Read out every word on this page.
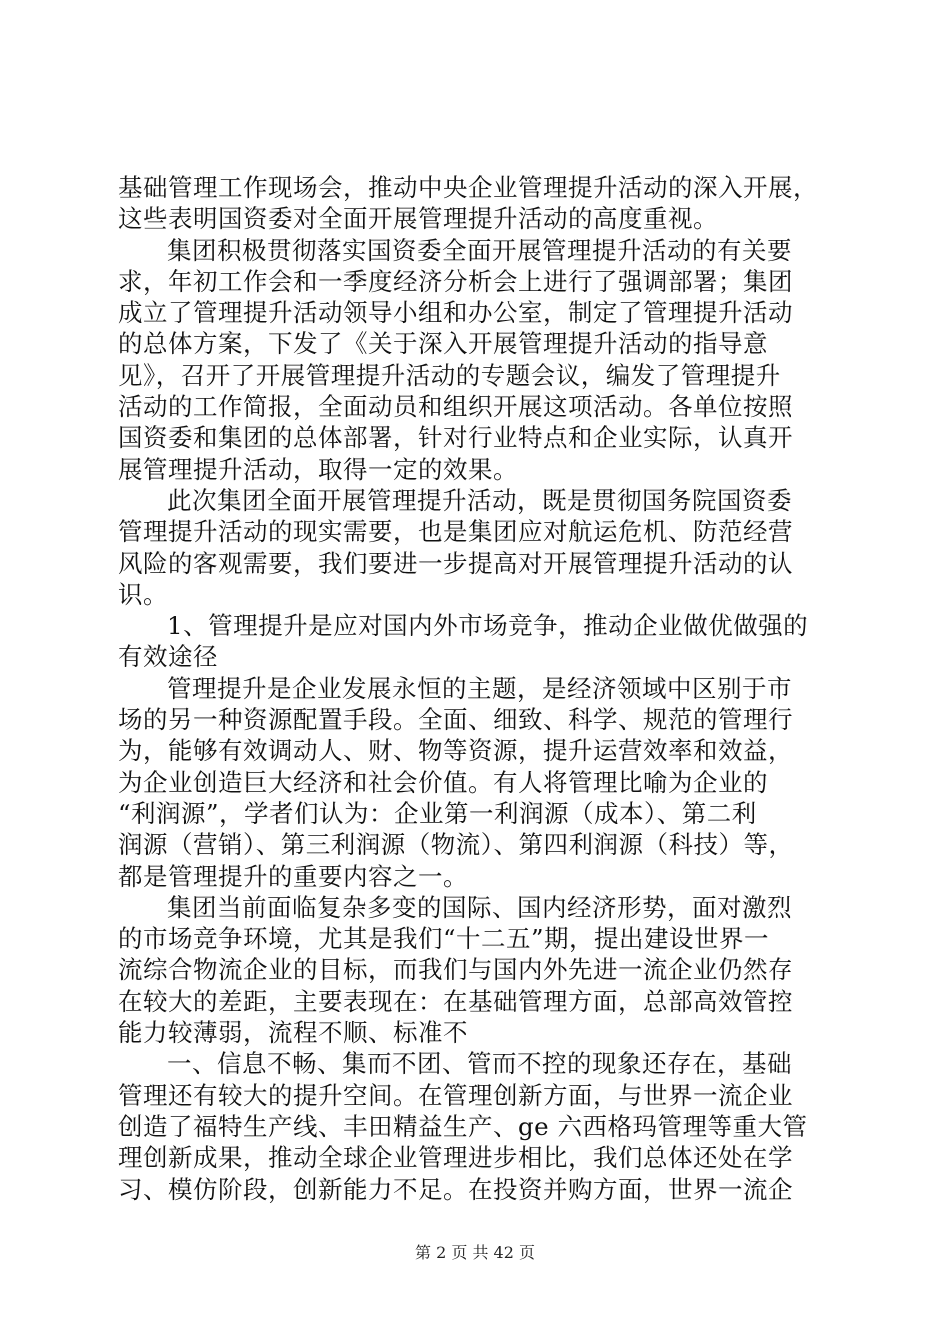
基础管理工作现场会，推动中央企业管理提升活动的深入开展，
这些表明国资委对全面开展管理提升活动的高度重视。
集团积极贯彻落实国资委全面开展管理提升活动的有关要
求，年初工作会和一季度经济分析会上进行了强调部署；集团
成立了管理提升活动领导小组和办公室，制定了管理提升活动
的总体方案，下发了《关于深入开展管理提升活动的指导意
见》，召开了开展管理提升活动的专题会议，编发了管理提升
活动的工作简报，全面动员和组织开展这项活动。各单位按照
国资委和集团的总体部署，针对行业特点和企业实际，认真开
展管理提升活动，取得一定的效果。
此次集团全面开展管理提升活动，既是贯彻国务院国资委
管理提升活动的现实需要，也是集团应对航运危机、防范经营
风险的客观需要，我们要进一步提高对开展管理提升活动的认
识。
1、管理提升是应对国内外市场竞争，推动企业做优做强的
有效途径
管理提升是企业发展永恒的主题，是经济领域中区别于市
场的另一种资源配置手段。全面、细致、科学、规范的管理行
为，能够有效调动人、财、物等资源，提升运营效率和效益，
为企业创造巨大经济和社会价值。有人将管理比喻为企业的
“利润源”，学者们认为：企业第一利润源（成本）、第二利
润源（营销）、第三利润源（物流）、第四利润源（科技）等，
都是管理提升的重要内容之一。
集团当前面临复杂多变的国际、国内经济形势，面对激烈
的市场竞争环境，尤其是我们“十二五”期，提出建设世界一
流综合物流企业的目标，而我们与国内外先进一流企业仍然存
在较大的差距，主要表现在：在基础管理方面，总部高效管控
能力较薄弱，流程不顺、标准不
一、信息不畅、集而不团、管而不控的现象还存在，基础
管理还有较大的提升空间。在管理创新方面，与世界一流企业
创造了福特生产线、丰田精益生产、ge 六西格玛管理等重大管
理创新成果，推动全球企业管理进步相比，我们总体还处在学
习、模仿阶段，创新能力不足。在投资并购方面，世界一流企
第 2 页 共 42 页
